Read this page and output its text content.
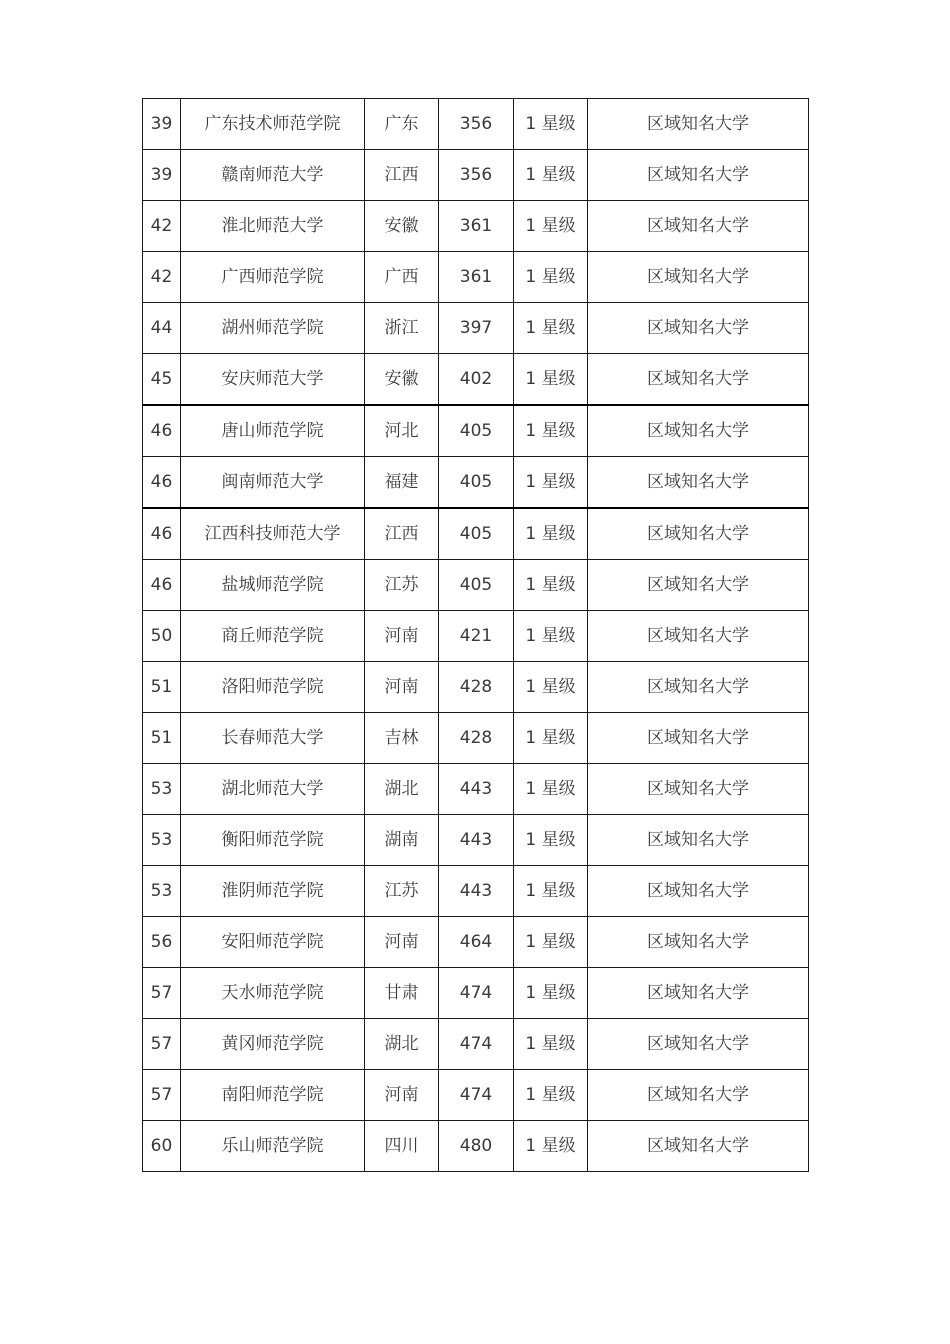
39	广东技术师范学院	广东	356	1 星级	区域知名大学
39	赣南师范大学	江西	356	1 星级	区域知名大学
42	淮北师范大学	安徽	361	1 星级	区域知名大学
42	广西师范学院	广西	361	1 星级	区域知名大学
44	湖州师范学院	浙江	397	1 星级	区域知名大学
45	安庆师范大学	安徽	402	1 星级	区域知名大学
46	唐山师范学院	河北	405	1 星级	区域知名大学
46	闽南师范大学	福建	405	1 星级	区域知名大学
46	江西科技师范大学	江西	405	1 星级	区域知名大学
46	盐城师范学院	江苏	405	1 星级	区域知名大学
50	商丘师范学院	河南	421	1 星级	区域知名大学
51	洛阳师范学院	河南	428	1 星级	区域知名大学
51	长春师范大学	吉林	428	1 星级	区域知名大学
53	湖北师范大学	湖北	443	1 星级	区域知名大学
53	衡阳师范学院	湖南	443	1 星级	区域知名大学
53	淮阴师范学院	江苏	443	1 星级	区域知名大学
56	安阳师范学院	河南	464	1 星级	区域知名大学
57	天水师范学院	甘肃	474	1 星级	区域知名大学
57	黄冈师范学院	湖北	474	1 星级	区域知名大学
57	南阳师范学院	河南	474	1 星级	区域知名大学
60	乐山师范学院	四川	480	1 星级	区域知名大学
